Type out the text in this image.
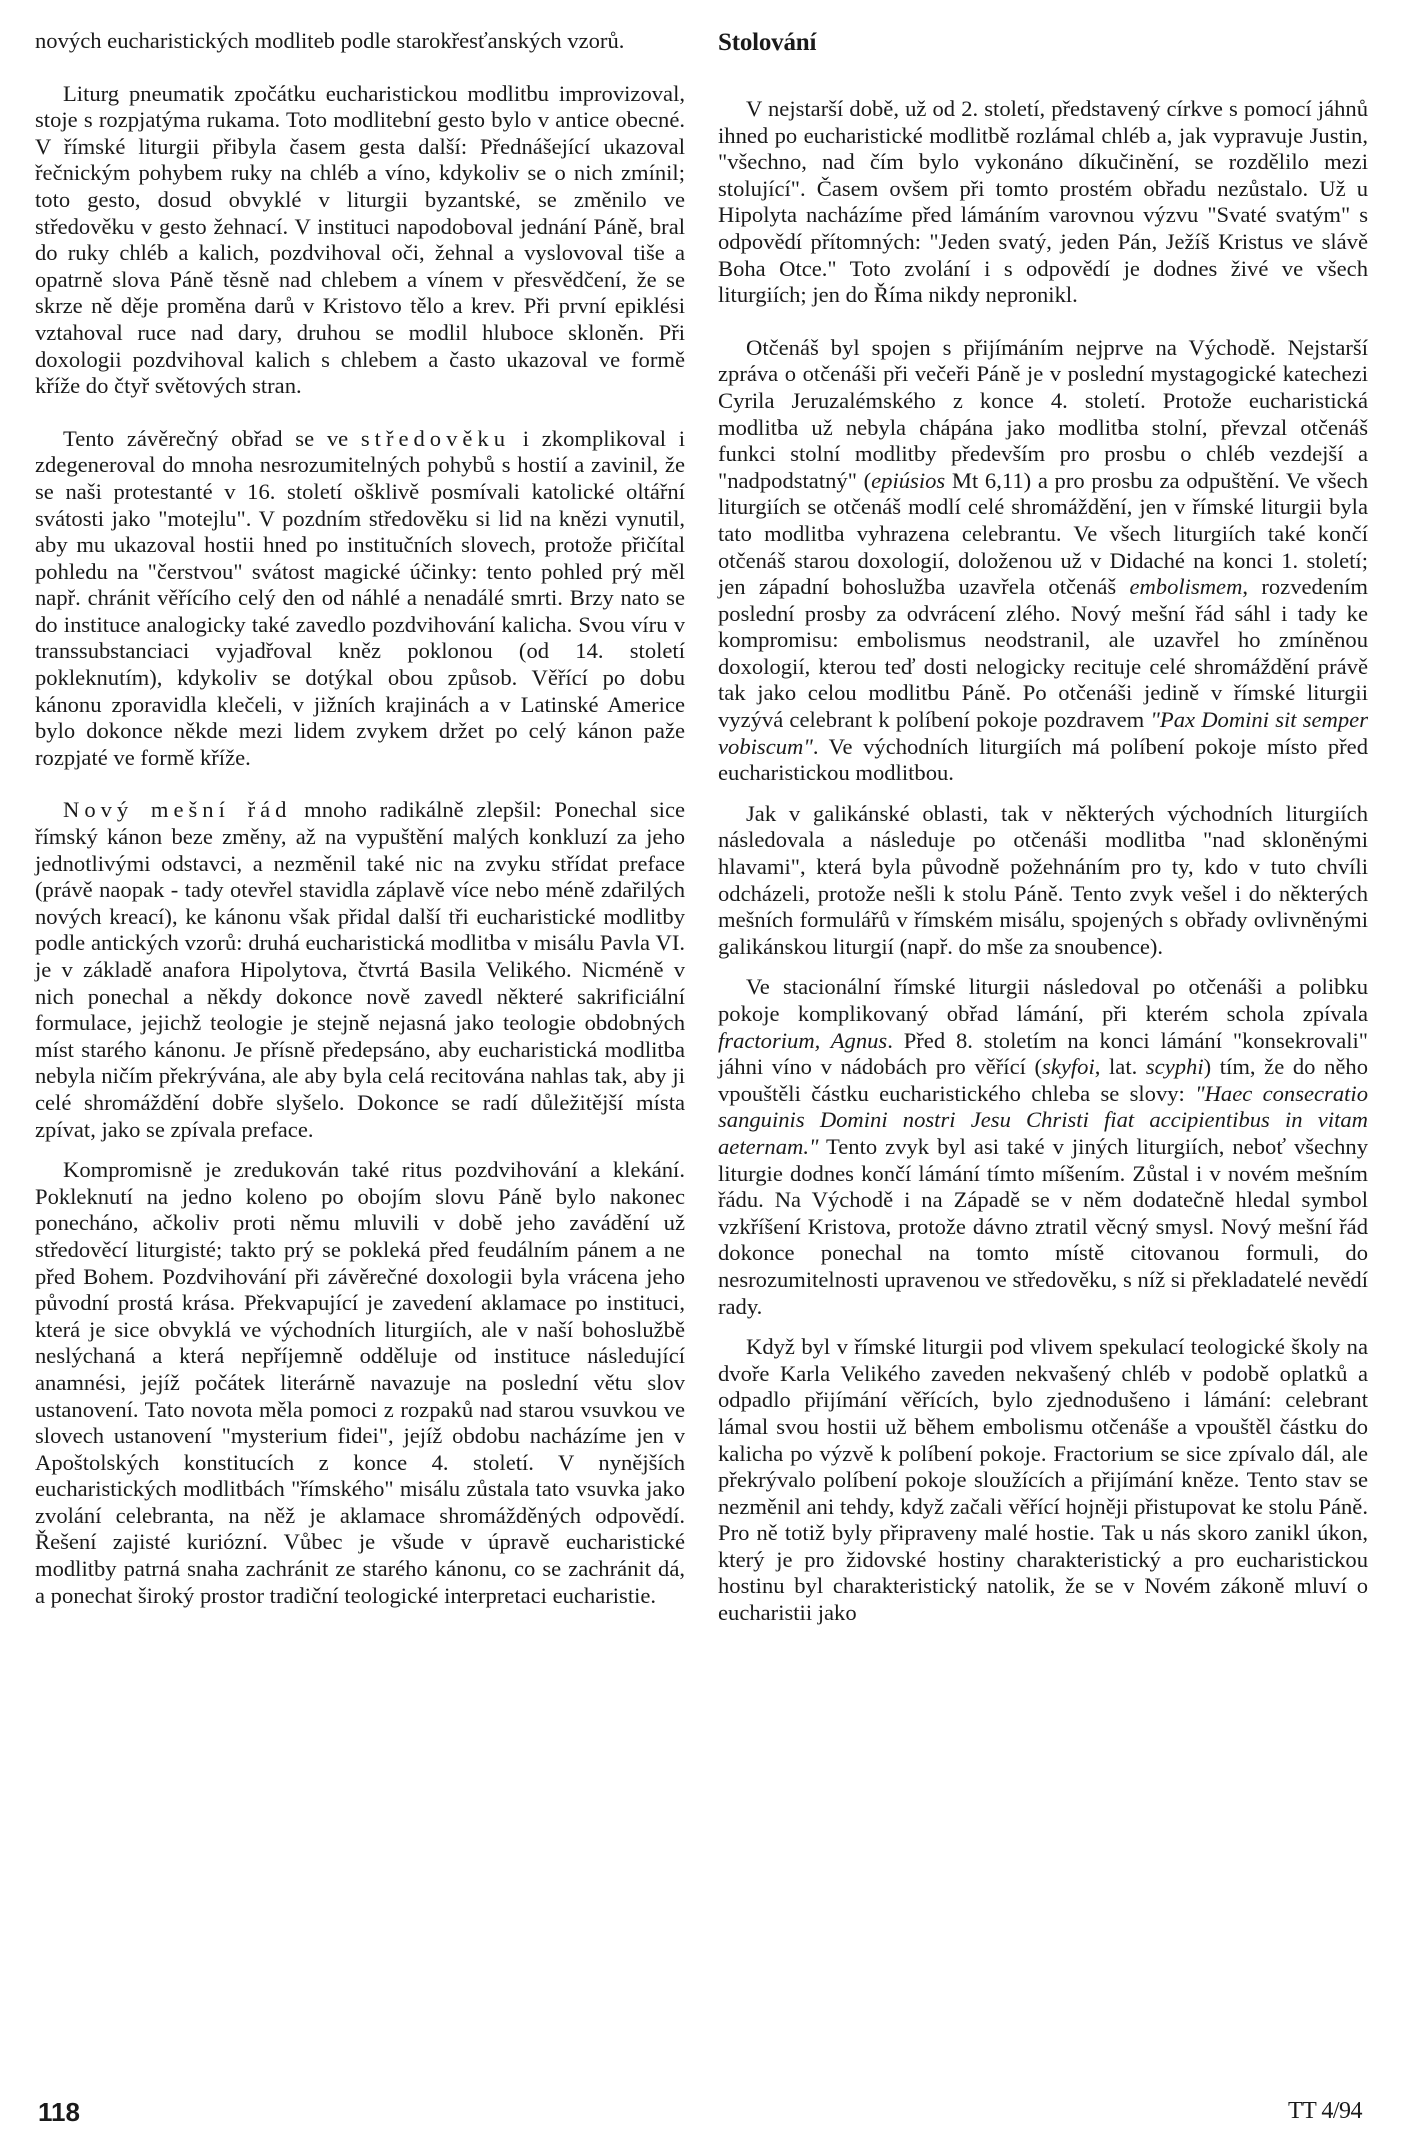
nových eucharistických modliteb podle starokřesťanských vzorů.

Liturg pneumatik zpočátku eucharistickou modlitbu improvizoval, stoje s rozpjatýma rukama. Toto modlitební gesto bylo v antice obecné. V římské liturgii přibyla časem gesta další: Přednášející ukazoval řečnickým pohybem ruky na chléb a víno, kdykoliv se o nich zmínil; toto gesto, dosud obvyklé v liturgii byzantské, se změnilo ve středověku v gesto žehnací. V instituci napodoboval jednání Páně, bral do ruky chléb a kalich, pozdvihoval oči, žehnal a vyslovoval tiše a opatrně slova Páně těsně nad chlebem a vínem v přesvědčení, že se skrze ně děje proměna darů v Kristovo tělo a krev. Při první epiklési vztahoval ruce nad dary, druhou se modlil hluboce skloněn. Při doxologii pozdvihoval kalich s chlebem a často ukazoval ve formě kříže do čtyř světových stran.

Tento závěrečný obřad se ve středověku i zkomplikoval i zdegeneroval do mnoha nesrozumitelných pohybů s hostií a zavinil, že se naši protestanté v 16. století ošklivě posmívali katolické oltářní svátosti jako "motejlu". V pozdním středověku si lid na knězi vynutil, aby mu ukazoval hostii hned po institučních slovech, protože přičítal pohledu na "čerstvou" svátost magické účinky: tento pohled prý měl např. chránit věřícího celý den od náhlé a nenadálé smrti. Brzy nato se do instituce analogicky také zavedlo pozdvihování kalicha. Svou víru v transsubstanciaci vyjadřoval kněz poklonou (od 14. století pokleknutím), kdykoliv se dotýkal obou způsob. Věřící po dobu kánonu zporavidla klečeli, v jižních krajinách a v Latinské Americe bylo dokonce někde mezi lidem zvykem držet po celý kánon paže rozpjaté ve formě kříže.

Nový mešní řád mnoho radikálně zlepšil: Ponechal sice římský kánon beze změny, až na vypuštění malých konkluzí za jeho jednotlivými odstavci, a nezměnil také nic na zvyku střídat preface (právě naopak - tady otevřel stavidla záplavě více nebo méně zdařilých nových kreací), ke kánonu však přidal další tři eucharistické modlitby podle antických vzorů: druhá eucharistická modlitba v misálu Pavla VI. je v základě anafora Hipolytova, čtvrtá Basila Velikého. Nicméně v nich ponechal a někdy dokonce nově zavedl některé sakrificiální formulace, jejichž teologie je stejně nejasná jako teologie obdobných míst starého kánonu. Je přísně předepsáno, aby eucharistická modlitba nebyla ničím překrývána, ale aby byla celá recitována nahlas tak, aby ji celé shromáždění dobře slyšelo. Dokonce se radí důležitější místa zpívat, jako se zpívala preface.

Kompromisně je zredukován také ritus pozdvihování a klekání. Pokleknutí na jedno koleno po obojím slovu Páně bylo nakonec ponecháno, ačkoliv proti němu mluvili v době jeho zavádění už středověcí liturgisté; takto prý se pokleká před feudálním pánem a ne před Bohem. Pozdvihování při závěrečné doxologii byla vrácena jeho původní prostá krása. Překvapující je zavedení aklamace po instituci, která je sice obvyklá ve východních liturgiích, ale v naší bohoslužbě neslýchaná a která nepříjemně odděluje od instituce následující anamnési, jejíž počátek literárně navazuje na poslední větu slov ustanovení. Tato novota měla pomoci z rozpaků nad starou vsuvkou ve slovech ustanovení "mysterium fidei", jejíž obdobu nacházíme jen v Apoštolských konstitucích z konce 4. století. V nynějších eucharistických modlitbách "římského" misálu zůstala tato vsuvka jako zvolání celebranta, na něž je aklamace shromážděných odpovědí. Řešení zajisté kuriózní. Vůbec je všude v úpravě eucharistické modlitby patrná snaha zachránit ze starého kánonu, co se zachránit dá, a ponechat široký prostor tradiční teologické interpretaci eucharistie.

Stolování

V nejstarší době, už od 2. století, představený církve s pomocí jáhnů ihned po eucharistické modlitbě rozlámal chléb a, jak vypravuje Justin, "všechno, nad čím bylo vykonáno díkučinění, se rozdělilo mezi stolující". Časem ovšem při tomto prostém obřadu nezůstalo. Už u Hipolyta nacházíme před lámáním varovnou výzvu "Svaté svatým" s odpovědí přítomných: "Jeden svatý, jeden Pán, Ježíš Kristus ve slávě Boha Otce." Toto zvolání i s odpovědí je dodnes živé ve všech liturgiích; jen do Říma nikdy nepronikl.

Otčenáš byl spojen s přijímáním nejprve na Východě. Nejstarší zpráva o otčenáši při večeři Páně je v poslední mystagogické katechezi Cyrila Jeruzalémského z konce 4. století. Protože eucharistická modlitba už nebyla chápána jako modlitba stolní, převzal otčenáš funkci stolní modlitby především pro prosbu o chléb vezdejší a "nadpodstatný" (epiúsios Mt 6,11) a pro prosbu za odpuštění. Ve všech liturgiích se otčenáš modlí celé shromáždění, jen v římské liturgii byla tato modlitba vyhrazena celebrantu. Ve všech liturgiích také končí otčenáš starou doxologií, doloženou už v Didaché na konci 1. století; jen západní bohoslužba uzavřela otčenáš embolismem, rozvedením poslední prosby za odvrácení zlého. Nový mešní řád sáhl i tady ke kompromisu: embolismus neodstranil, ale uzavřel ho zmíněnou doxologií, kterou teď dosti nelogicky recituje celé shromáždění právě tak jako celou modlitbu Páně. Po otčenáši jedině v římské liturgii vyzývá celebrant k políbení pokoje pozdravem "Pax Domini sit semper vobiscum". Ve východních liturgiích má políbení pokoje místo před eucharistickou modlitbou.

Jak v galikánské oblasti, tak v některých východních liturgiích následovala a následuje po otčenáši modlitba "nad skloněnými hlavami", která byla původně požehnáním pro ty, kdo v tuto chvíli odcházeli, protože nešli k stolu Páně. Tento zvyk vešel i do některých mešních formulářů v římském misálu, spojených s obřady ovlivněnými galikánskou liturgií (např. do mše za snoubence).

Ve stacionální římské liturgii následoval po otčenáši a polibku pokoje komplikovaný obřad lámání, při kterém schola zpívala fractorium, Agnus. Před 8. stoletím na konci lámání "konsekrovali" jáhni víno v nádobách pro věřící (skyfoi, lat. scyphi) tím, že do něho vpouštěli částku eucharistického chleba se slovy: "Haec consecratio sanguinis Domini nostri Jesu Christi fiat accipientibus in vitam aeternam." Tento zvyk byl asi také v jiných liturgiích, neboť všechny liturgie dodnes končí lámání tímto míšením. Zůstal i v novém mešním řádu. Na Východě i na Západě se v něm dodatečně hledal symbol vzkříšení Kristova, protože dávno ztratil věcný smysl. Nový mešní řád dokonce ponechal na tomto místě citovanou formuli, do nesrozumitelnosti upravenou ve středověku, s níž si překladatelé nevědí rady.

Když byl v římské liturgii pod vlivem spekulací teologické školy na dvoře Karla Velikého zaveden nekvašený chléb v podobě oplatků a odpadlo přijímání věřících, bylo zjednodušeno i lámání: celebrant lámal svou hostii už během embolismu otčenáše a vpouštěl částku do kalicha po výzvě k políbení pokoje. Fractorium se sice zpívalo dál, ale překrývalo políbení pokoje sloužících a přijímání kněze. Tento stav se nezměnil ani tehdy, když začali věřící hojněji přistupovat ke stolu Páně. Pro ně totiž byly připraveny malé hostie. Tak u nás skoro zanikl úkon, který je pro židovské hostiny charakteristický a pro eucharistickou hostinu byl charakteristický natolik, že se v Novém zákoně mluví o eucharistii jako

118	TT 4/94
